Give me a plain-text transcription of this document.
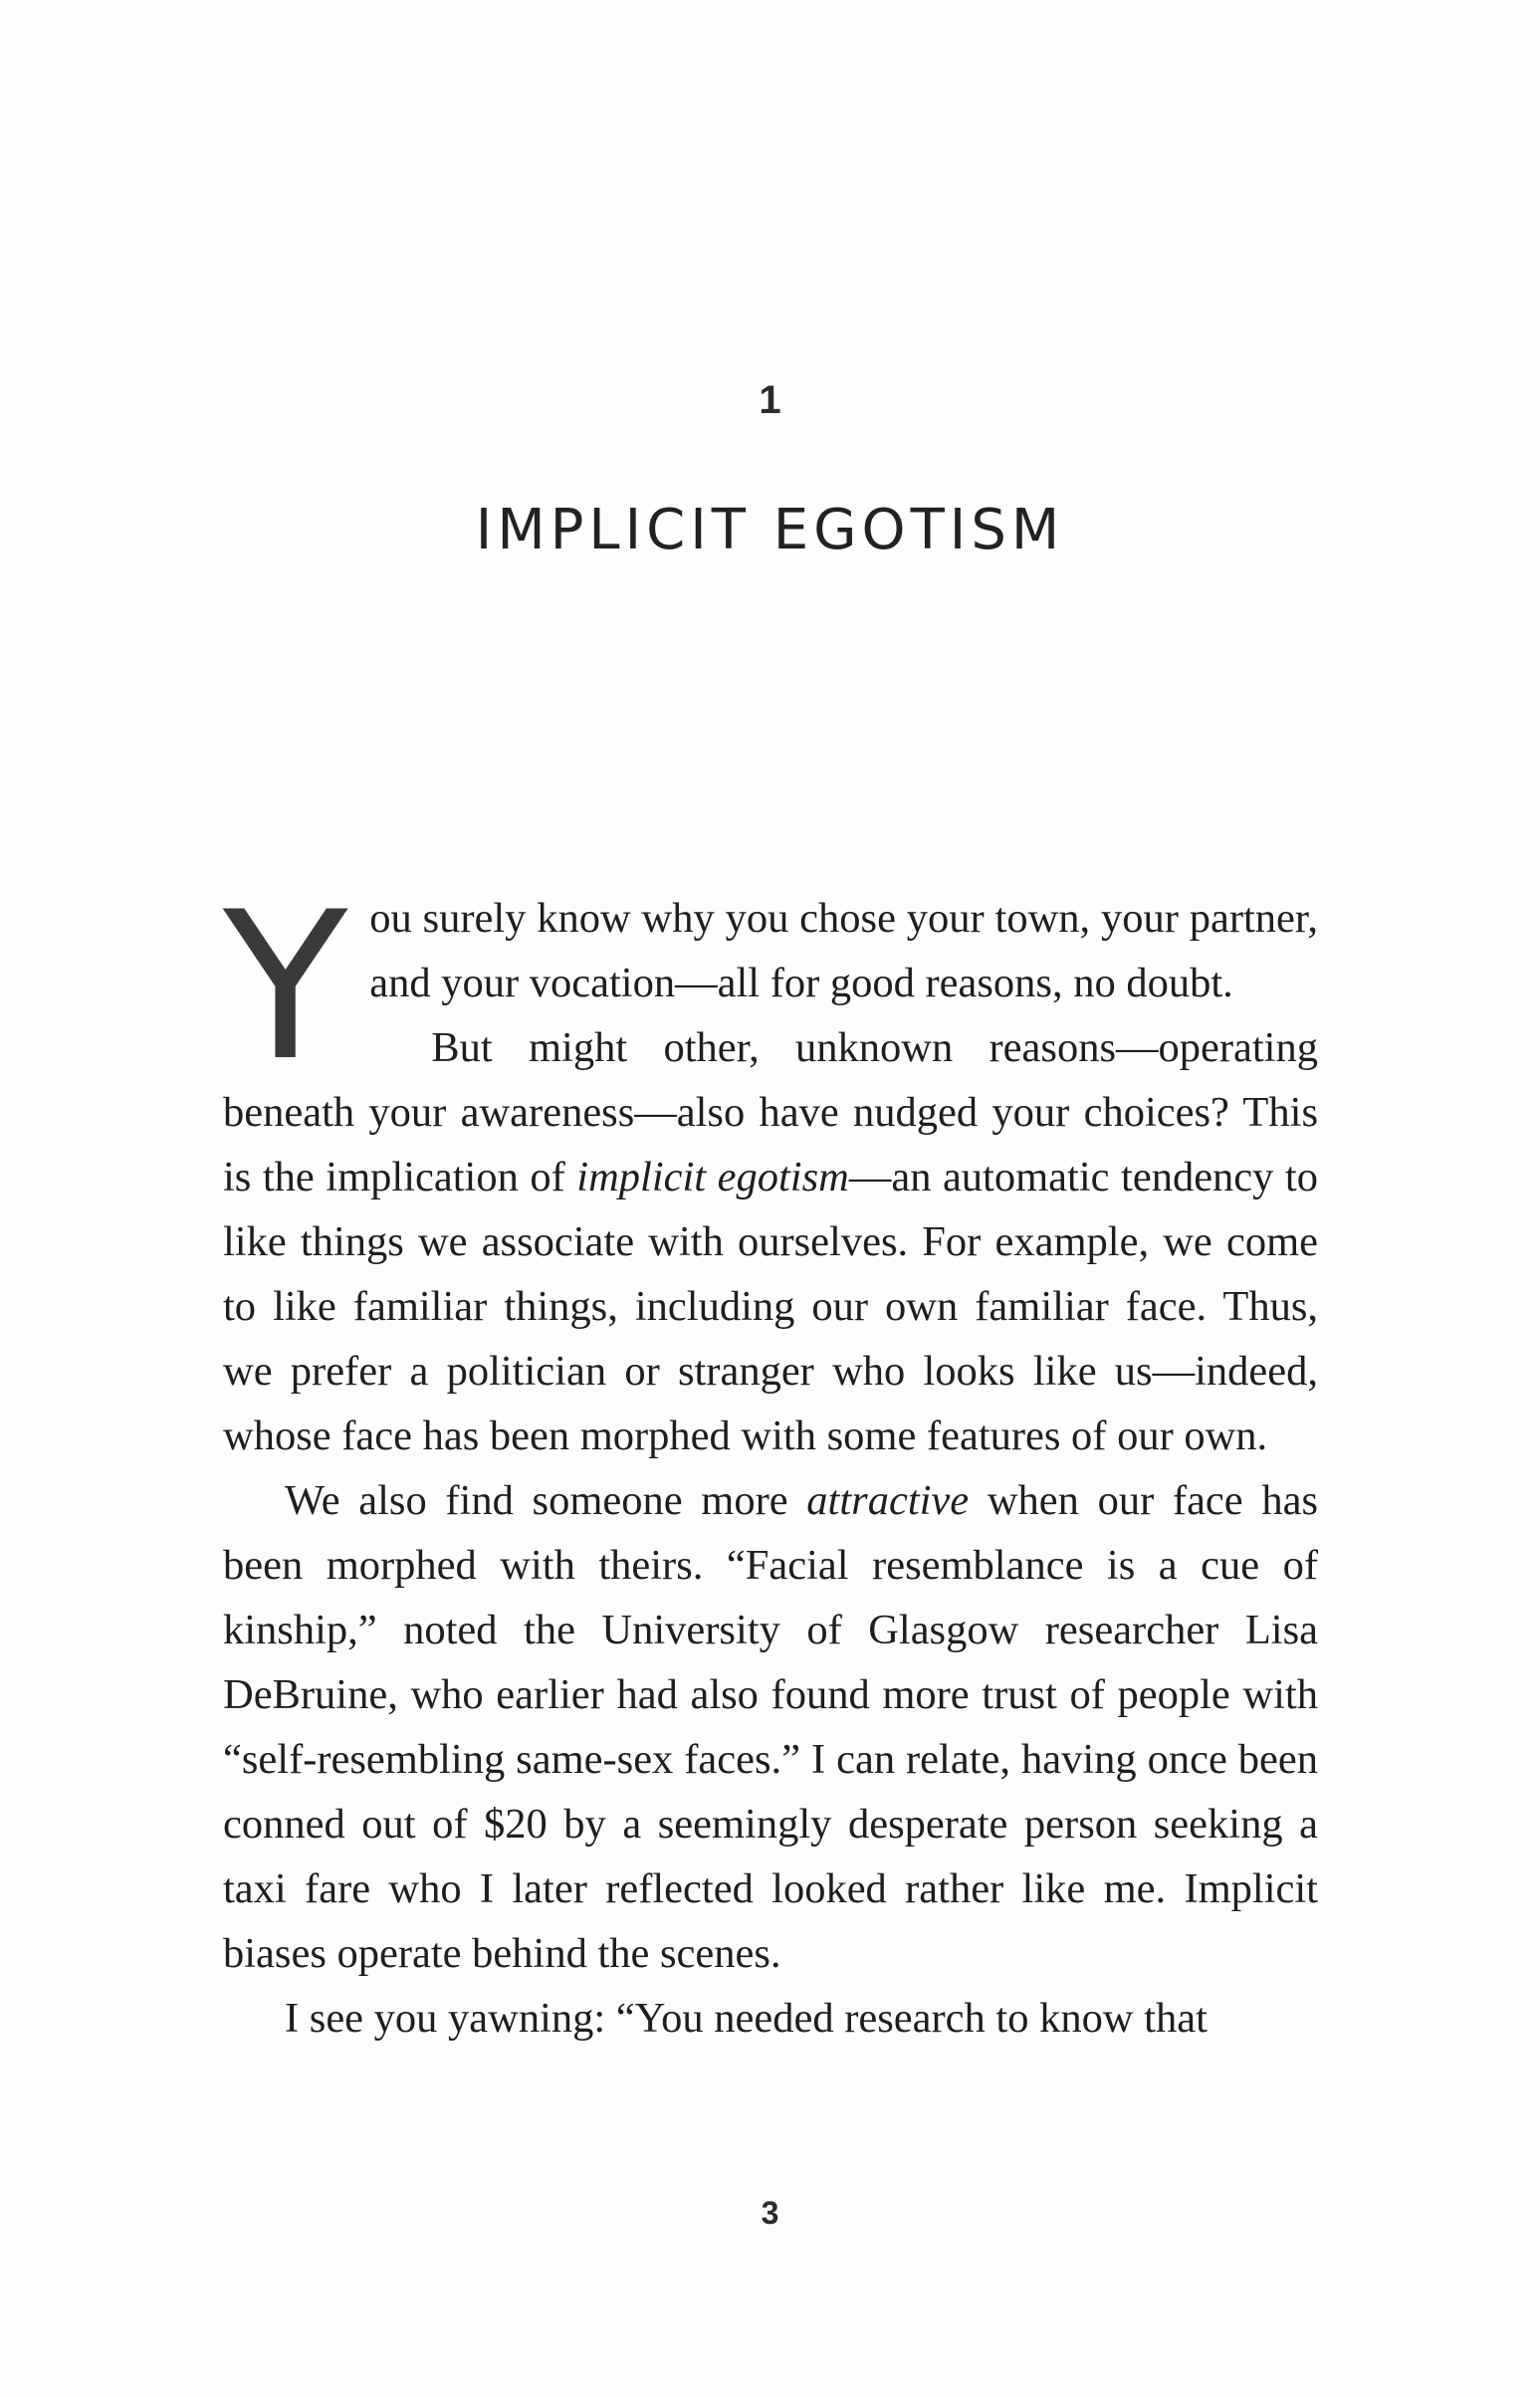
1
IMPLICIT EGOTISM

You surely know why you chose your town, your partner, and your vocation—all for good reasons, no doubt.

But might other, unknown reasons—operating beneath your awareness—also have nudged your choices? This is the implication of implicit egotism—an automatic tendency to like things we associate with ourselves. For example, we come to like familiar things, including our own familiar face. Thus, we prefer a politician or stranger who looks like us—indeed, whose face has been morphed with some features of our own.

We also find someone more attractive when our face has been morphed with theirs. “Facial resemblance is a cue of kinship,” noted the University of Glasgow researcher Lisa DeBruine, who earlier had also found more trust of people with “self-resembling same-sex faces.” I can relate, having once been conned out of $20 by a seemingly desperate person seeking a taxi fare who I later reflected looked rather like me. Implicit biases operate behind the scenes.

I see you yawning: “You needed research to know that

3
